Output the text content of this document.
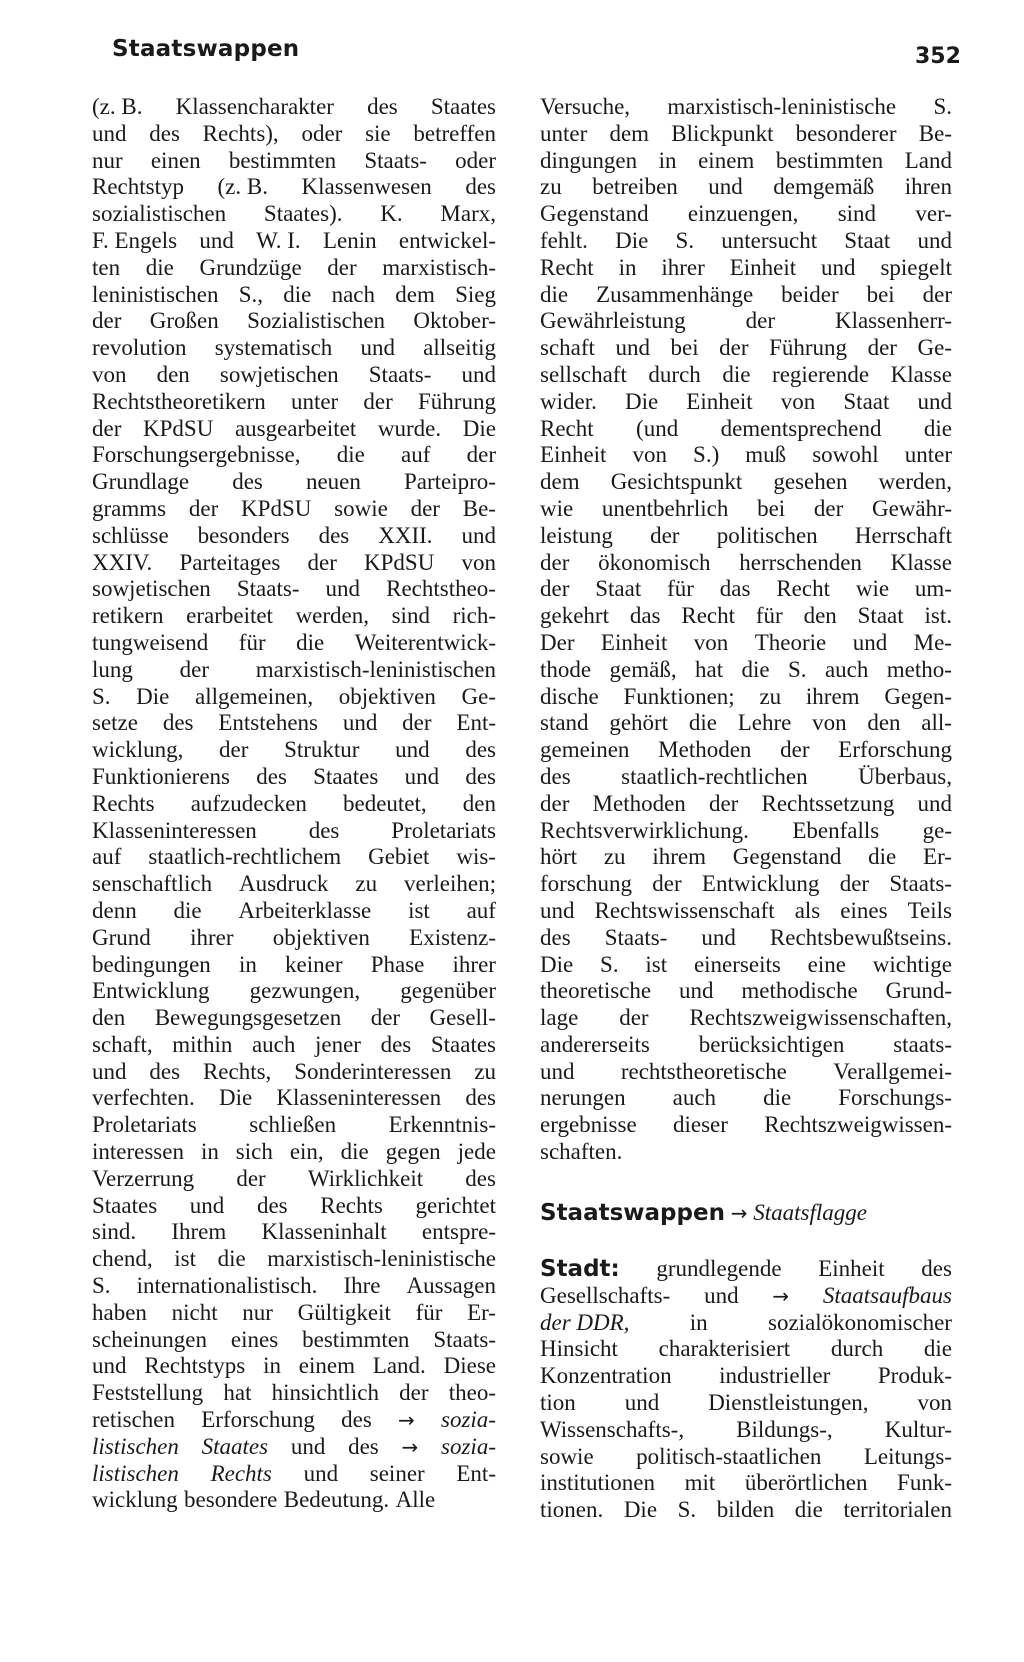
Staatswappen	352
(z. B. Klassencharakter des Staates
und des Rechts), oder sie betreffen
nur einen bestimmten Staats- oder
Rechtstyp (z. B. Klassenwesen des
sozialistischen Staates). K. Marx,
F. Engels und W. I. Lenin entwickel-
ten die Grundzüge der marxistisch-
leninistischen S., die nach dem Sieg
der Großen Sozialistischen Oktober-
revolution systematisch und allseitig
von den sowjetischen Staats- und
Rechtstheoretikern unter der Führung
der KPdSU ausgearbeitet wurde. Die
Forschungsergebnisse, die auf der
Grundlage des neuen Parteipro-
gramms der KPdSU sowie der Be-
schlüsse besonders des XXII. und
XXIV. Parteitages der KPdSU von
sowjetischen Staats- und Rechtstheo-
retikern erarbeitet werden, sind rich-
tungweisend für die Weiterentwick-
lung der marxistisch-leninistischen
S. Die allgemeinen, objektiven Ge-
setze des Entstehens und der Ent-
wicklung, der Struktur und des
Funktionierens des Staates und des
Rechts aufzudecken bedeutet, den
Klasseninteressen des Proletariats
auf staatlich-rechtlichem Gebiet wis-
senschaftlich Ausdruck zu verleihen;
denn die Arbeiterklasse ist auf
Grund ihrer objektiven Existenz-
bedingungen in keiner Phase ihrer
Entwicklung gezwungen, gegenüber
den Bewegungsgesetzen der Gesell-
schaft, mithin auch jener des Staates
und des Rechts, Sonderinteressen zu
verfechten. Die Klasseninteressen des
Proletariats schließen Erkenntnis-
interessen in sich ein, die gegen jede
Verzerrung der Wirklichkeit des
Staates und des Rechts gerichtet
sind. Ihrem Klasseninhalt entspre-
chend, ist die marxistisch-leninistische
S. internationalistisch. Ihre Aussagen
haben nicht nur Gültigkeit für Er-
scheinungen eines bestimmten Staats-
und Rechtstyps in einem Land. Diese
Feststellung hat hinsichtlich der theo-
retischen Erforschung des → sozia-
listischen Staates und des → sozia-
listischen Rechts und seiner Ent-
wicklung besondere Bedeutung. Alle
Versuche, marxistisch-leninistische S.
unter dem Blickpunkt besonderer Be-
dingungen in einem bestimmten Land
zu betreiben und demgemäß ihren
Gegenstand einzuengen, sind ver-
fehlt. Die S. untersucht Staat und
Recht in ihrer Einheit und spiegelt
die Zusammenhänge beider bei der
Gewährleistung	der	Klassenherr-
schaft und bei der Führung der Ge-
sellschaft durch die regierende Klasse
wider. Die Einheit von Staat und
Recht (und dementsprechend die
Einheit von S.) muß sowohl unter
dem Gesichtspunkt gesehen werden,
wie unentbehrlich bei der Gewähr-
leistung der politischen Herrschaft
der ökonomisch herrschenden Klasse
der Staat für das Recht wie um-
gekehrt das Recht für den Staat ist.
Der Einheit von Theorie und Me-
thode gemäß, hat die S. auch metho-
dische Funktionen; zu ihrem Gegen-
stand gehört die Lehre von den all-
gemeinen Methoden der Erforschung
des staatlich-rechtlichen Überbaus,
der Methoden der Rechtssetzung und
Rechtsverwirklichung. Ebenfalls ge-
hört zu ihrem Gegenstand die Er-
forschung der Entwicklung der Staats-
und Rechtswissenschaft als eines Teils
des Staats- und Rechtsbewußtseins.
Die S. ist einerseits eine wichtige
theoretische und methodische Grund-
lage der Rechtszweigwissenschaften,
andererseits berücksichtigen staats-
und rechtstheoretische Verallgemei-
nerungen auch die Forschungs-
ergebnisse dieser Rechtszweigwissen-
schaften.
Staatswappen → Staatsflagge
Stadt: grundlegende Einheit des
Gesellschafts- und → Staatsaufbaus
der DDR,	in	sozialökonomischer
Hinsicht charakterisiert durch die
Konzentration industrieller Produk-
tion und Dienstleistungen, von
Wissenschafts-, Bildungs-, Kultur-
sowie politisch-staatlichen Leitungs-
institutionen mit überörtlichen Funk-
tionen. Die S. bilden die territorialen
